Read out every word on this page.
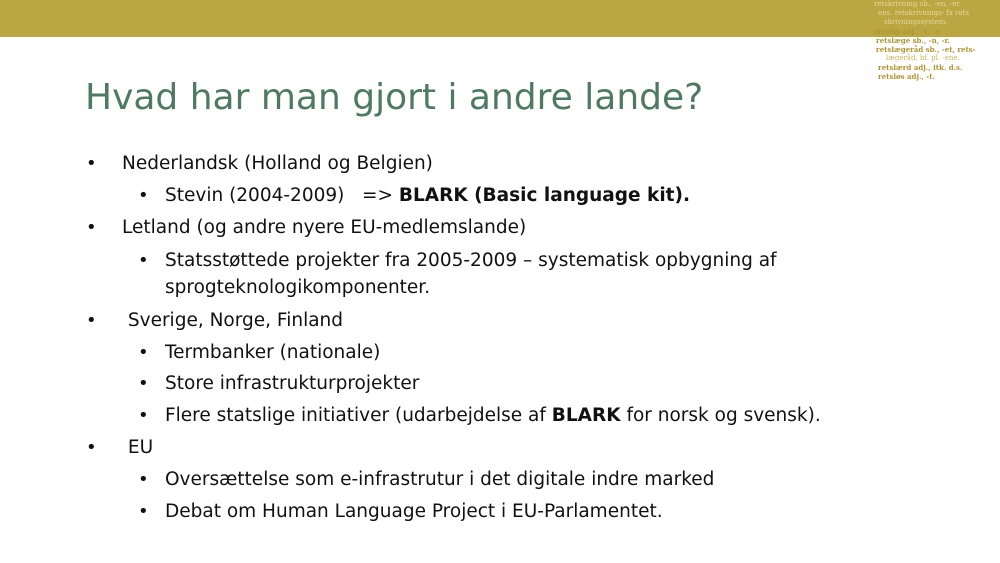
retskrivning sb., -en, -er
ens. retskrivnings- fx rets
skrivningssystem.
retslig adj., -t, -e.
retslæge sb., -n, -r.
retslægeråd sb., -et, rets-
lægeråd, bf. pl. -ene.
retslærd adj., itk. d.s.
retsløs adj., -t.
Hvad har man gjort i andre lande?
• Nederlandsk (Holland og Belgien)
• Stevin (2004-2009)   => BLARK (Basic language kit).
• Letland (og andre nyere EU-medlemslande)
• Statsstøttede projekter fra 2005-2009 – systematisk opbygning af
sprogteknologikomponenter.
• Sverige, Norge, Finland
• Termbanker (nationale)
• Store infrastrukturprojekter
• Flere statslige initiativer (udarbejdelse af BLARK for norsk og svensk).
• EU
• Oversættelse som e-infrastrutur i det digitale indre marked
• Debat om Human Language Project i EU-Parlamentet.
